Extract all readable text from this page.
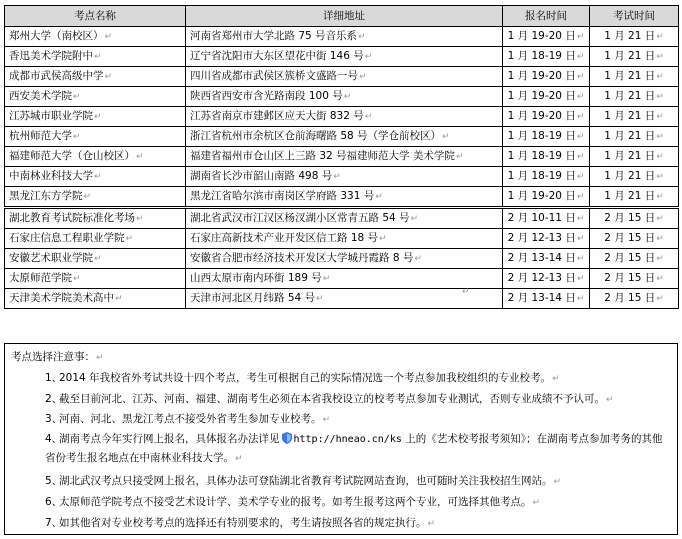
考点名称	详细地址	报名时间	考试时间
郑州大学（南校区）↵	河南省郑州市大学北路 75 号音乐系↵	1 月 19-20 日↵	1 月 21 日↵
香迅美术学院附中↵	辽宁省沈阳市大东区望花中街 146 号↵	1 月 18-19 日↵	1 月 21 日↵
成都市武侯高级中学↵	四川省成都市武侯区簇桥文盛路一号↵	1 月 19-20 日↵	1 月 21 日↵
西安美术学院↵	陕西省西安市含光路南段 100 号↵	1 月 19-20 日↵	1 月 21 日↵
江苏城市职业学院↵	江苏省南京市建邺区应天大街 832 号↵	1 月 19-20 日↵	1 月 21 日↵
杭州师范大学↵	浙江省杭州市余杭区仓前海曙路 58 号（学仓前校区）↵	1 月 18-19 日↵	1 月 21 日↵
福建师范大学（仓山校区）↵	福建省福州市仓山区上三路 32 号福建师范大学 美术学院↵	1 月 18-19 日↵	1 月 21 日↵
中南林业科技大学↵	湖南省长沙市韶山南路 498 号↵	1 月 18-19 日↵	1 月 21 日↵
黑龙江东方学院↵	黑龙江省哈尔滨市南岗区学府路 331 号↵	1 月 19-20 日↵	1 月 21 日↵
湖北教育考试院标准化考场↵	湖北省武汉市江汉区杨汊湖小区常青五路 54 号↵	2 月 10-11 日↵	2 月 15 日↵
石家庄信息工程职业学院↵	石家庄高新技术产业开发区信工路 18 号↵	2 月 12-13 日↵	2 月 15 日↵
安徽艺术职业学院↵	安徽省合肥市经济技术开发区大学城丹霞路 8 号↵	2 月 13-14 日↵	2 月 15 日↵
太原师范学院↵	山西太原市南内环街 189 号↵	2 月 12-13 日↵	2 月 15 日↵
天津美术学院美术高中↵	天津市河北区月纬路 54 号↵	2 月 13-14 日↵	2 月 15 日↵
↵
考点选择注意事：↵
1、2014 年我校省外考试共设十四个考点，考生可根据自己的实际情况选一个考点参加我校组织的专业校考。↵
2、截至目前河北、江苏、河南、福建、湖南考生必须在本省我校设立的校考考点参加专业测试，否则专业成绩不予认可。↵
3、河南、河北、黑龙江考点不接受外省考生参加专业校考。↵
4、湖南考点今年实行网上报名，具体报名办法详见 http://hneao.cn/ks 上的《艺术校考报考须知》；在湖南考点参加考务的其他省份考生报名地点在中南林业科技大学。↵
5、湖北武汉考点只接受网上报名，具体办法可登陆湖北省教育考试院网站查询，也可随时关注我校招生网站。↵
6、太原师范学院考点不接受艺术设计学、美术学专业的报考。如考生报考这两个专业，可选择其他考点。↵
7、如其他省对专业校考考点的选择还有特别要求的，考生请按照各省的规定执行。↵
